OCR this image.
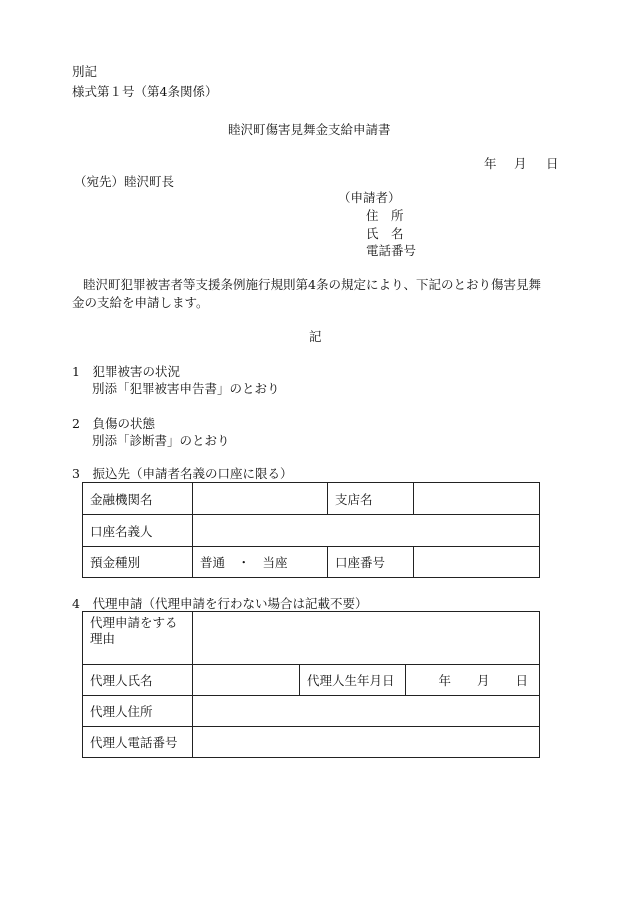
別記
様式第１号（第4条関係）
睦沢町傷害見舞金支給申請書
年 月 日
（宛先）睦沢町長
（申請者）
住　所
氏　名
電話番号
睦沢町犯罪被害者等支援条例施行規則第4条の規定により、下記のとおり傷害見舞
金の支給を申請します。
記
1　犯罪被害の状況
別添「犯罪被害申告書」のとおり
2　負傷の状態
別添「診断書」のとおり
3　振込先（申請者名義の口座に限る）
金融機関名		支店名	
口座名義人			
預金種別	普通　・　当座	口座番号	
4　代理申請（代理申請を行わない場合は記載不要）
代理申請をする理由			
代理人氏名		代理人生年月日	年 月 日

代理人住所			
代理人電話番号			
